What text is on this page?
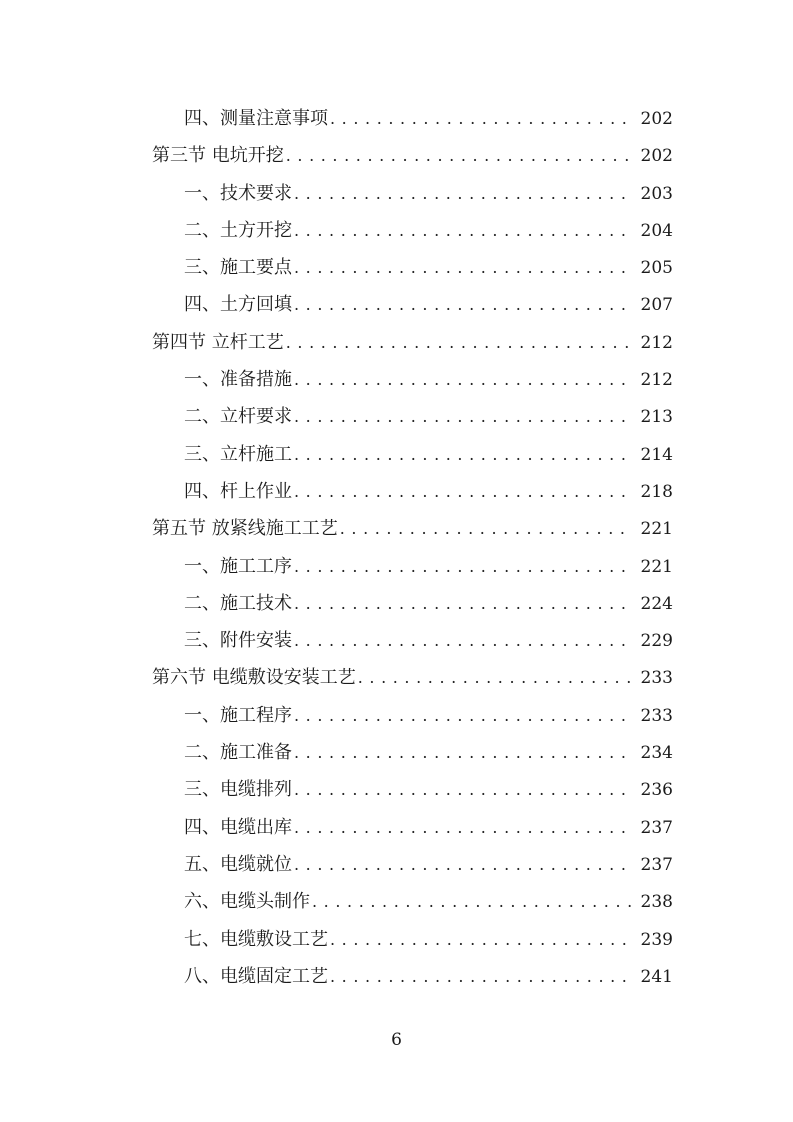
四、测量注意事项 . . .	202
第三节 电坑开挖 . . .	202
一、技术要求 . . .	203
二、土方开挖 . . .	204
三、施工要点 . . .	205
四、土方回填 . . .	207
第四节 立杆工艺 . . .	212
一、准备措施 . . .	212
二、立杆要求 . . .	213
三、立杆施工 . . .	214
四、杆上作业 . . .	218
第五节 放紧线施工工艺 . . .	221
一、施工工序 . . .	221
二、施工技术 . . .	224
三、附件安装 . . .	229
第六节 电缆敷设安装工艺 . . .	233
一、施工程序 . . .	233
二、施工准备 . . .	234
三、电缆排列 . . .	236
四、电缆出库 . . .	237
五、电缆就位 . . .	237
六、电缆头制作 . . .	238
七、电缆敷设工艺 . . .	239
八、电缆固定工艺 . . .	241
6
